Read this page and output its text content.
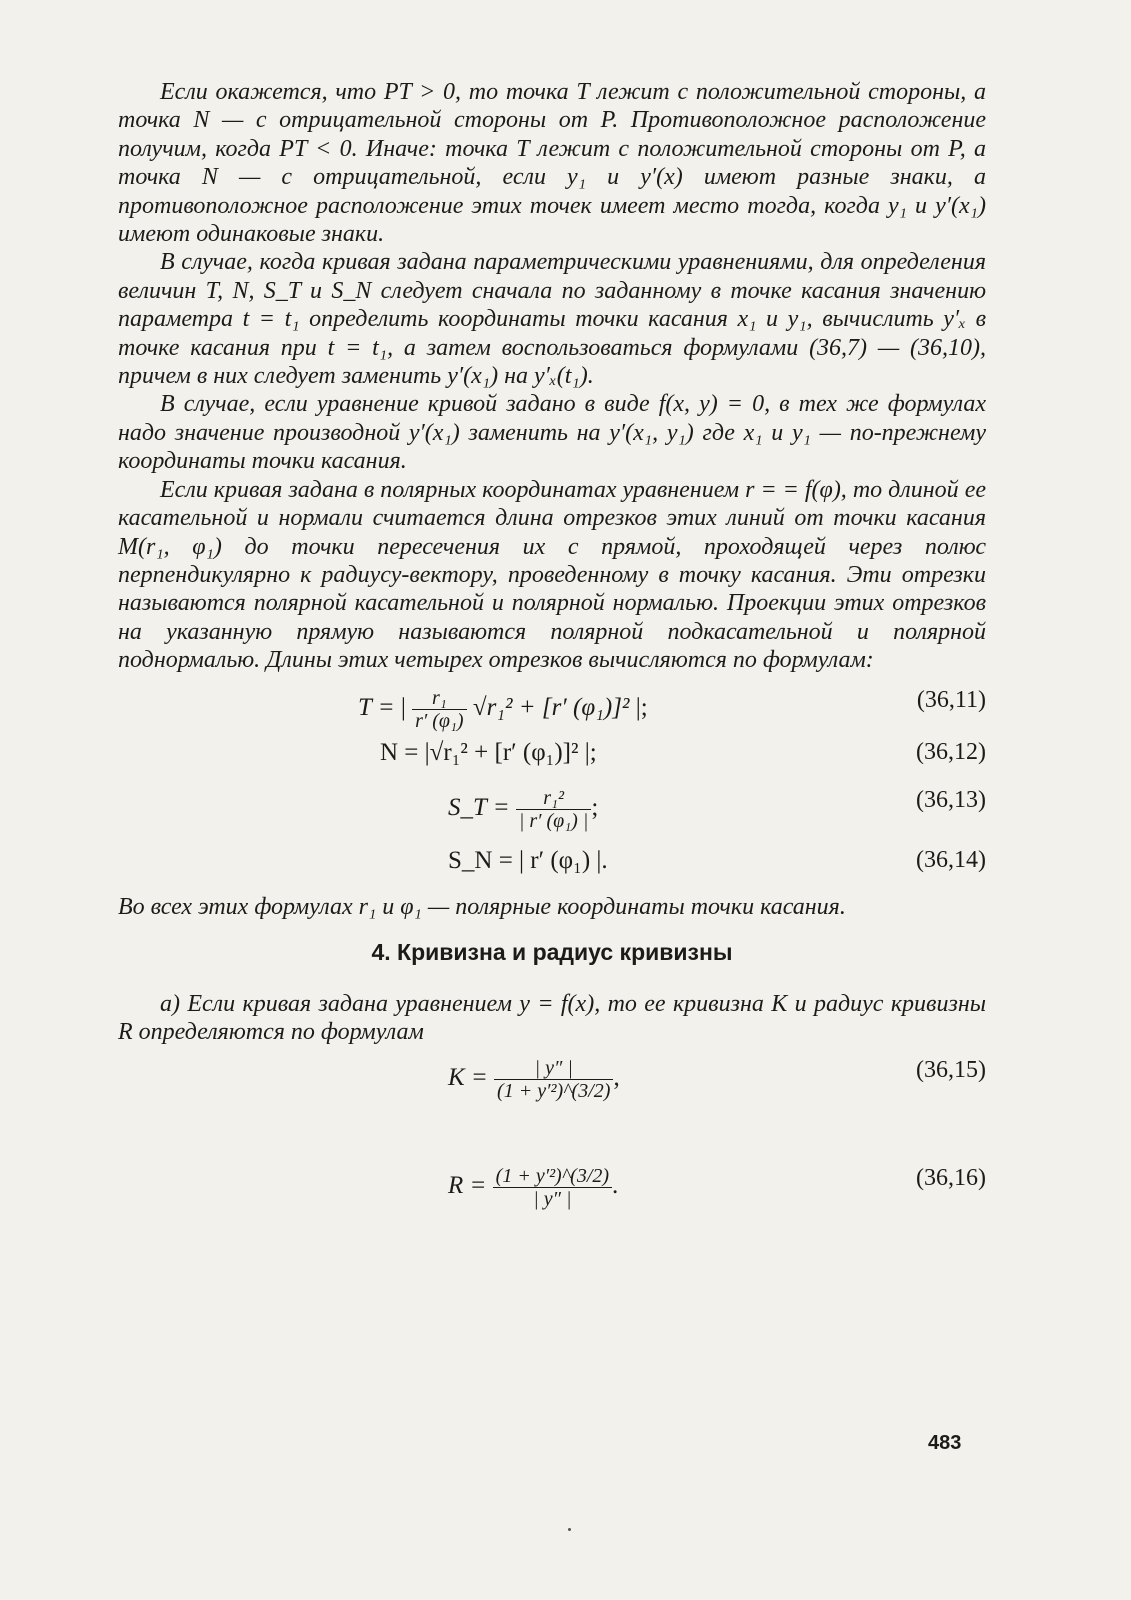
Если окажется, что PT > 0, то точка T лежит с положительной стороны, а точка N — с отрицательной стороны от P. Противоположное расположение получим, когда PT < 0. Иначе: точка T лежит с положительной стороны от P, а точка N — с отрицательной, если y₁ и y′(x) имеют разные знаки, а противоположное расположение этих точек имеет место тогда, когда y₁ и y′(x₁) имеют одинаковые знаки.

В случае, когда кривая задана параметрическими уравнениями, для определения величин T, N, S_T и S_N следует сначала по заданному в точке касания значению параметра t = t₁ определить координаты точки касания x₁ и y₁, вычислить y′ₓ в точке касания при t = t₁, а затем воспользоваться формулами (36,7) — (36,10), причем в них следует заменить y′(x₁) на y′ₓ(t₁).

В случае, если уравнение кривой задано в виде f(x, y) = 0, в тех же формулах надо значение производной y′(x₁) заменить на y′(x₁, y₁) где x₁ и y₁ — по-прежнему координаты точки касания.

Если кривая задана в полярных координатах уравнением r = = f(φ), то длиной ее касательной и нормали считается длина отрезков этих линий от точки касания M(r₁, φ₁) до точки пересечения их с прямой, проходящей через полюс перпендикулярно к радиусу-вектору, проведенному в точку касания. Эти отрезки называются полярной касательной и полярной нормалью. Проекции этих отрезков на указанную прямую называются полярной подкасательной и полярной поднормалью. Длины этих четырех отрезков вычисляются по формулам:

T = | $\frac{\text{r₁}}{\text{r′ (φ₁)}} √r_1^2 + [r'$ (φ₁)]² |;	(36,11)
N = |√r₁² + [r′ (φ₁)]² |;	(36,12)
S_T = $\frac{\text{r₁²}}{\text{| r′ (φ₁) |}}$ ;	(36,13)
S_N = | r′ (φ₁) |.	(36,14)

Во всех этих формулах r₁ и φ₁ — полярные координаты точки касания.

4. Кривизна и радиус кривизны

а) Если кривая задана уравнением y = f(x), то ее кривизна K и радиус кривизны R определяются по формулам

$K = \frac{| y'' |}{\text{(1 + y′²)\textasciicircum{}(3/2)}}$ ,	(36,15)
$R = \frac{\text{(1 + y′²)\textasciicircum{}(3/2)}}{| y'' |}$ .	(36,16)
483
